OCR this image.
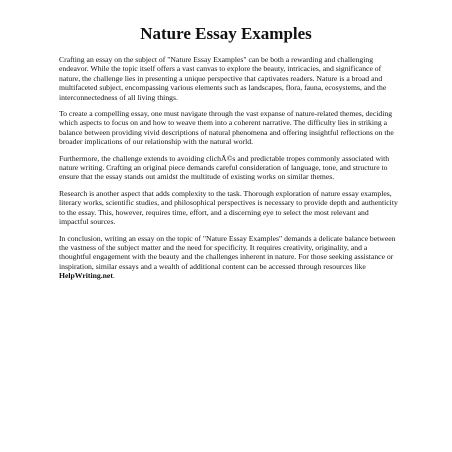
Nature Essay Examples

Crafting an essay on the subject of "Nature Essay Examples" can be both a rewarding and challenging endeavor. While the topic itself offers a vast canvas to explore the beauty, intricacies, and significance of nature, the challenge lies in presenting a unique perspective that captivates readers. Nature is a broad and multifaceted subject, encompassing various elements such as landscapes, flora, fauna, ecosystems, and the interconnectedness of all living things.

To create a compelling essay, one must navigate through the vast expanse of nature-related themes, deciding which aspects to focus on and how to weave them into a coherent narrative. The difficulty lies in striking a balance between providing vivid descriptions of natural phenomena and offering insightful reflections on the broader implications of our relationship with the natural world.

Furthermore, the challenge extends to avoiding clichÃ©s and predictable tropes commonly associated with nature writing. Crafting an original piece demands careful consideration of language, tone, and structure to ensure that the essay stands out amidst the multitude of existing works on similar themes.

Research is another aspect that adds complexity to the task. Thorough exploration of nature essay examples, literary works, scientific studies, and philosophical perspectives is necessary to provide depth and authenticity to the essay. This, however, requires time, effort, and a discerning eye to select the most relevant and impactful sources.

In conclusion, writing an essay on the topic of "Nature Essay Examples" demands a delicate balance between the vastness of the subject matter and the need for specificity. It requires creativity, originality, and a thoughtful engagement with the beauty and the challenges inherent in nature. For those seeking assistance or inspiration, similar essays and a wealth of additional content can be accessed through resources like HelpWriting.net.
